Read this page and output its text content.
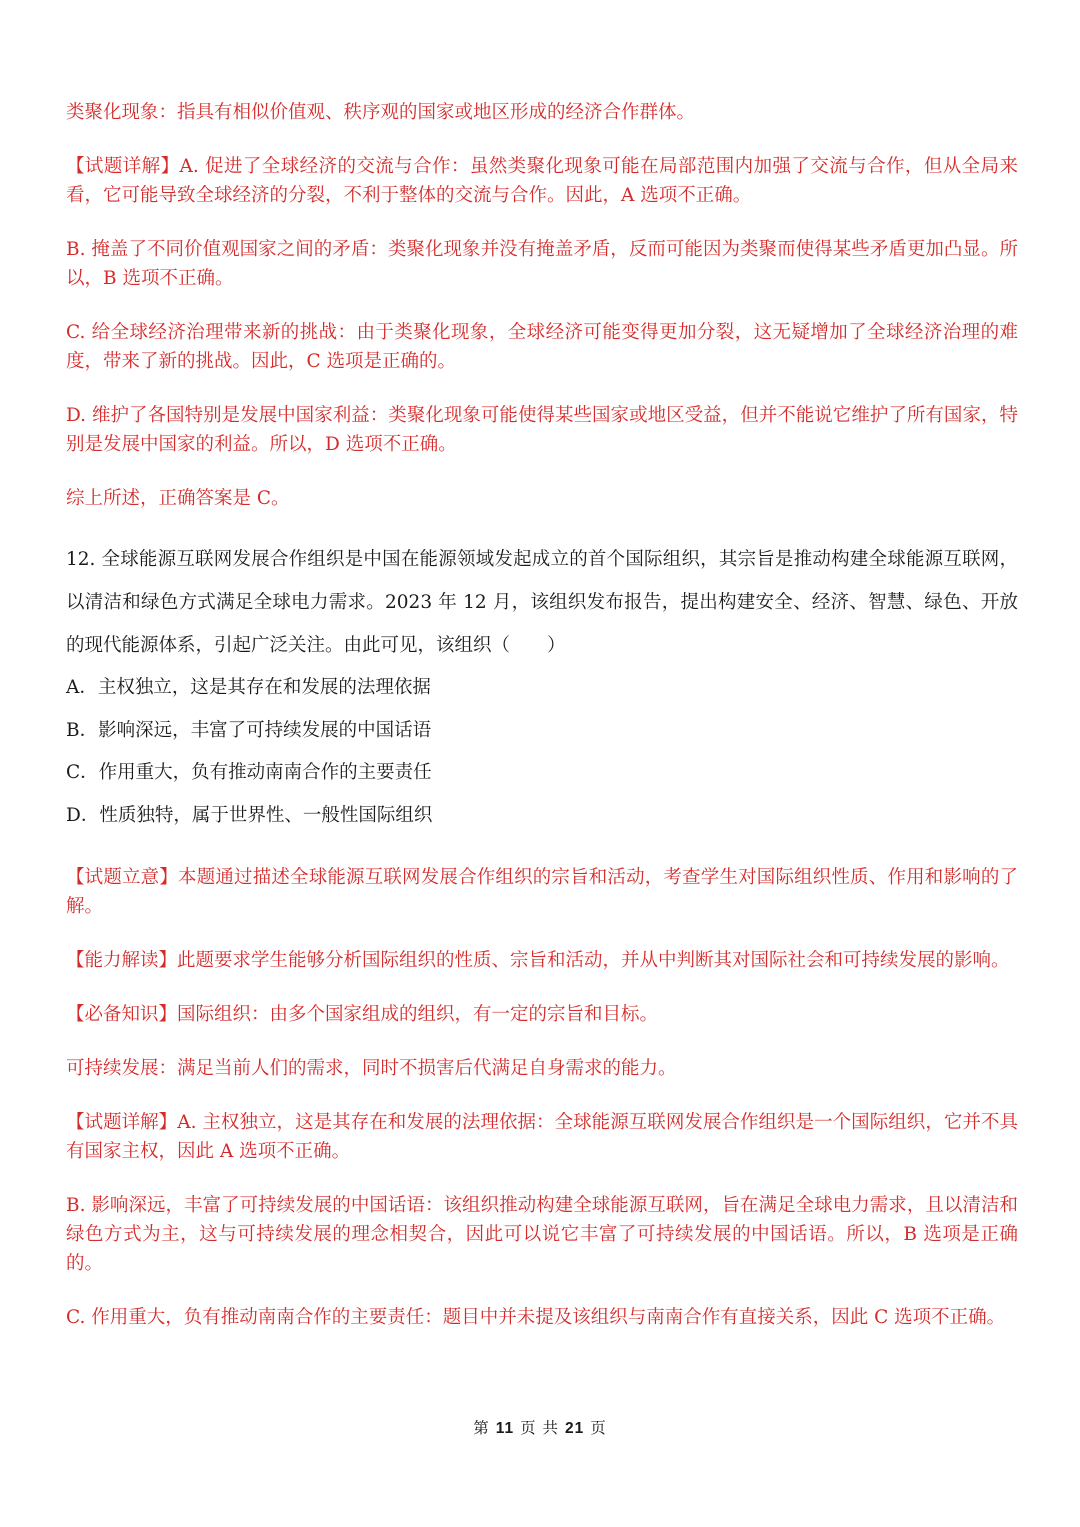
类聚化现象：指具有相似价值观、秩序观的国家或地区形成的经济合作群体。

【试题详解】A. 促进了全球经济的交流与合作：虽然类聚化现象可能在局部范围内加强了交流与合作，但从全局来看，它可能导致全球经济的分裂，不利于整体的交流与合作。因此，A 选项不正确。

B. 掩盖了不同价值观国家之间的矛盾：类聚化现象并没有掩盖矛盾，反而可能因为类聚而使得某些矛盾更加凸显。所以，B 选项不正确。

C. 给全球经济治理带来新的挑战：由于类聚化现象，全球经济可能变得更加分裂，这无疑增加了全球经济治理的难度，带来了新的挑战。因此，C 选项是正确的。

D. 维护了各国特别是发展中国家利益：类聚化现象可能使得某些国家或地区受益，但并不能说它维护了所有国家，特别是发展中国家的利益。所以，D 选项不正确。

综上所述，正确答案是 C。

12. 全球能源互联网发展合作组织是中国在能源领域发起成立的首个国际组织，其宗旨是推动构建全球能源互联网，以清洁和绿色方式满足全球电力需求。2023 年 12 月，该组织发布报告，提出构建安全、经济、智慧、绿色、开放的现代能源体系，引起广泛关注。由此可见，该组织（　　）

A．主权独立，这是其存在和发展的法理依据

B．影响深远，丰富了可持续发展的中国话语

C．作用重大，负有推动南南合作的主要责任

D．性质独特，属于世界性、一般性国际组织

【试题立意】本题通过描述全球能源互联网发展合作组织的宗旨和活动，考查学生对国际组织性质、作用和影响的了解。

【能力解读】此题要求学生能够分析国际组织的性质、宗旨和活动，并从中判断其对国际社会和可持续发展的影响。

【必备知识】国际组织：由多个国家组成的组织，有一定的宗旨和目标。

可持续发展：满足当前人们的需求，同时不损害后代满足自身需求的能力。

【试题详解】A. 主权独立，这是其存在和发展的法理依据：全球能源互联网发展合作组织是一个国际组织，它并不具有国家主权，因此 A 选项不正确。

B. 影响深远，丰富了可持续发展的中国话语：该组织推动构建全球能源互联网，旨在满足全球电力需求，且以清洁和绿色方式为主，这与可持续发展的理念相契合，因此可以说它丰富了可持续发展的中国话语。所以，B 选项是正确的。

C. 作用重大，负有推动南南合作的主要责任：题目中并未提及该组织与南南合作有直接关系，因此 C 选项不正确。

第 11 页 共 21 页
